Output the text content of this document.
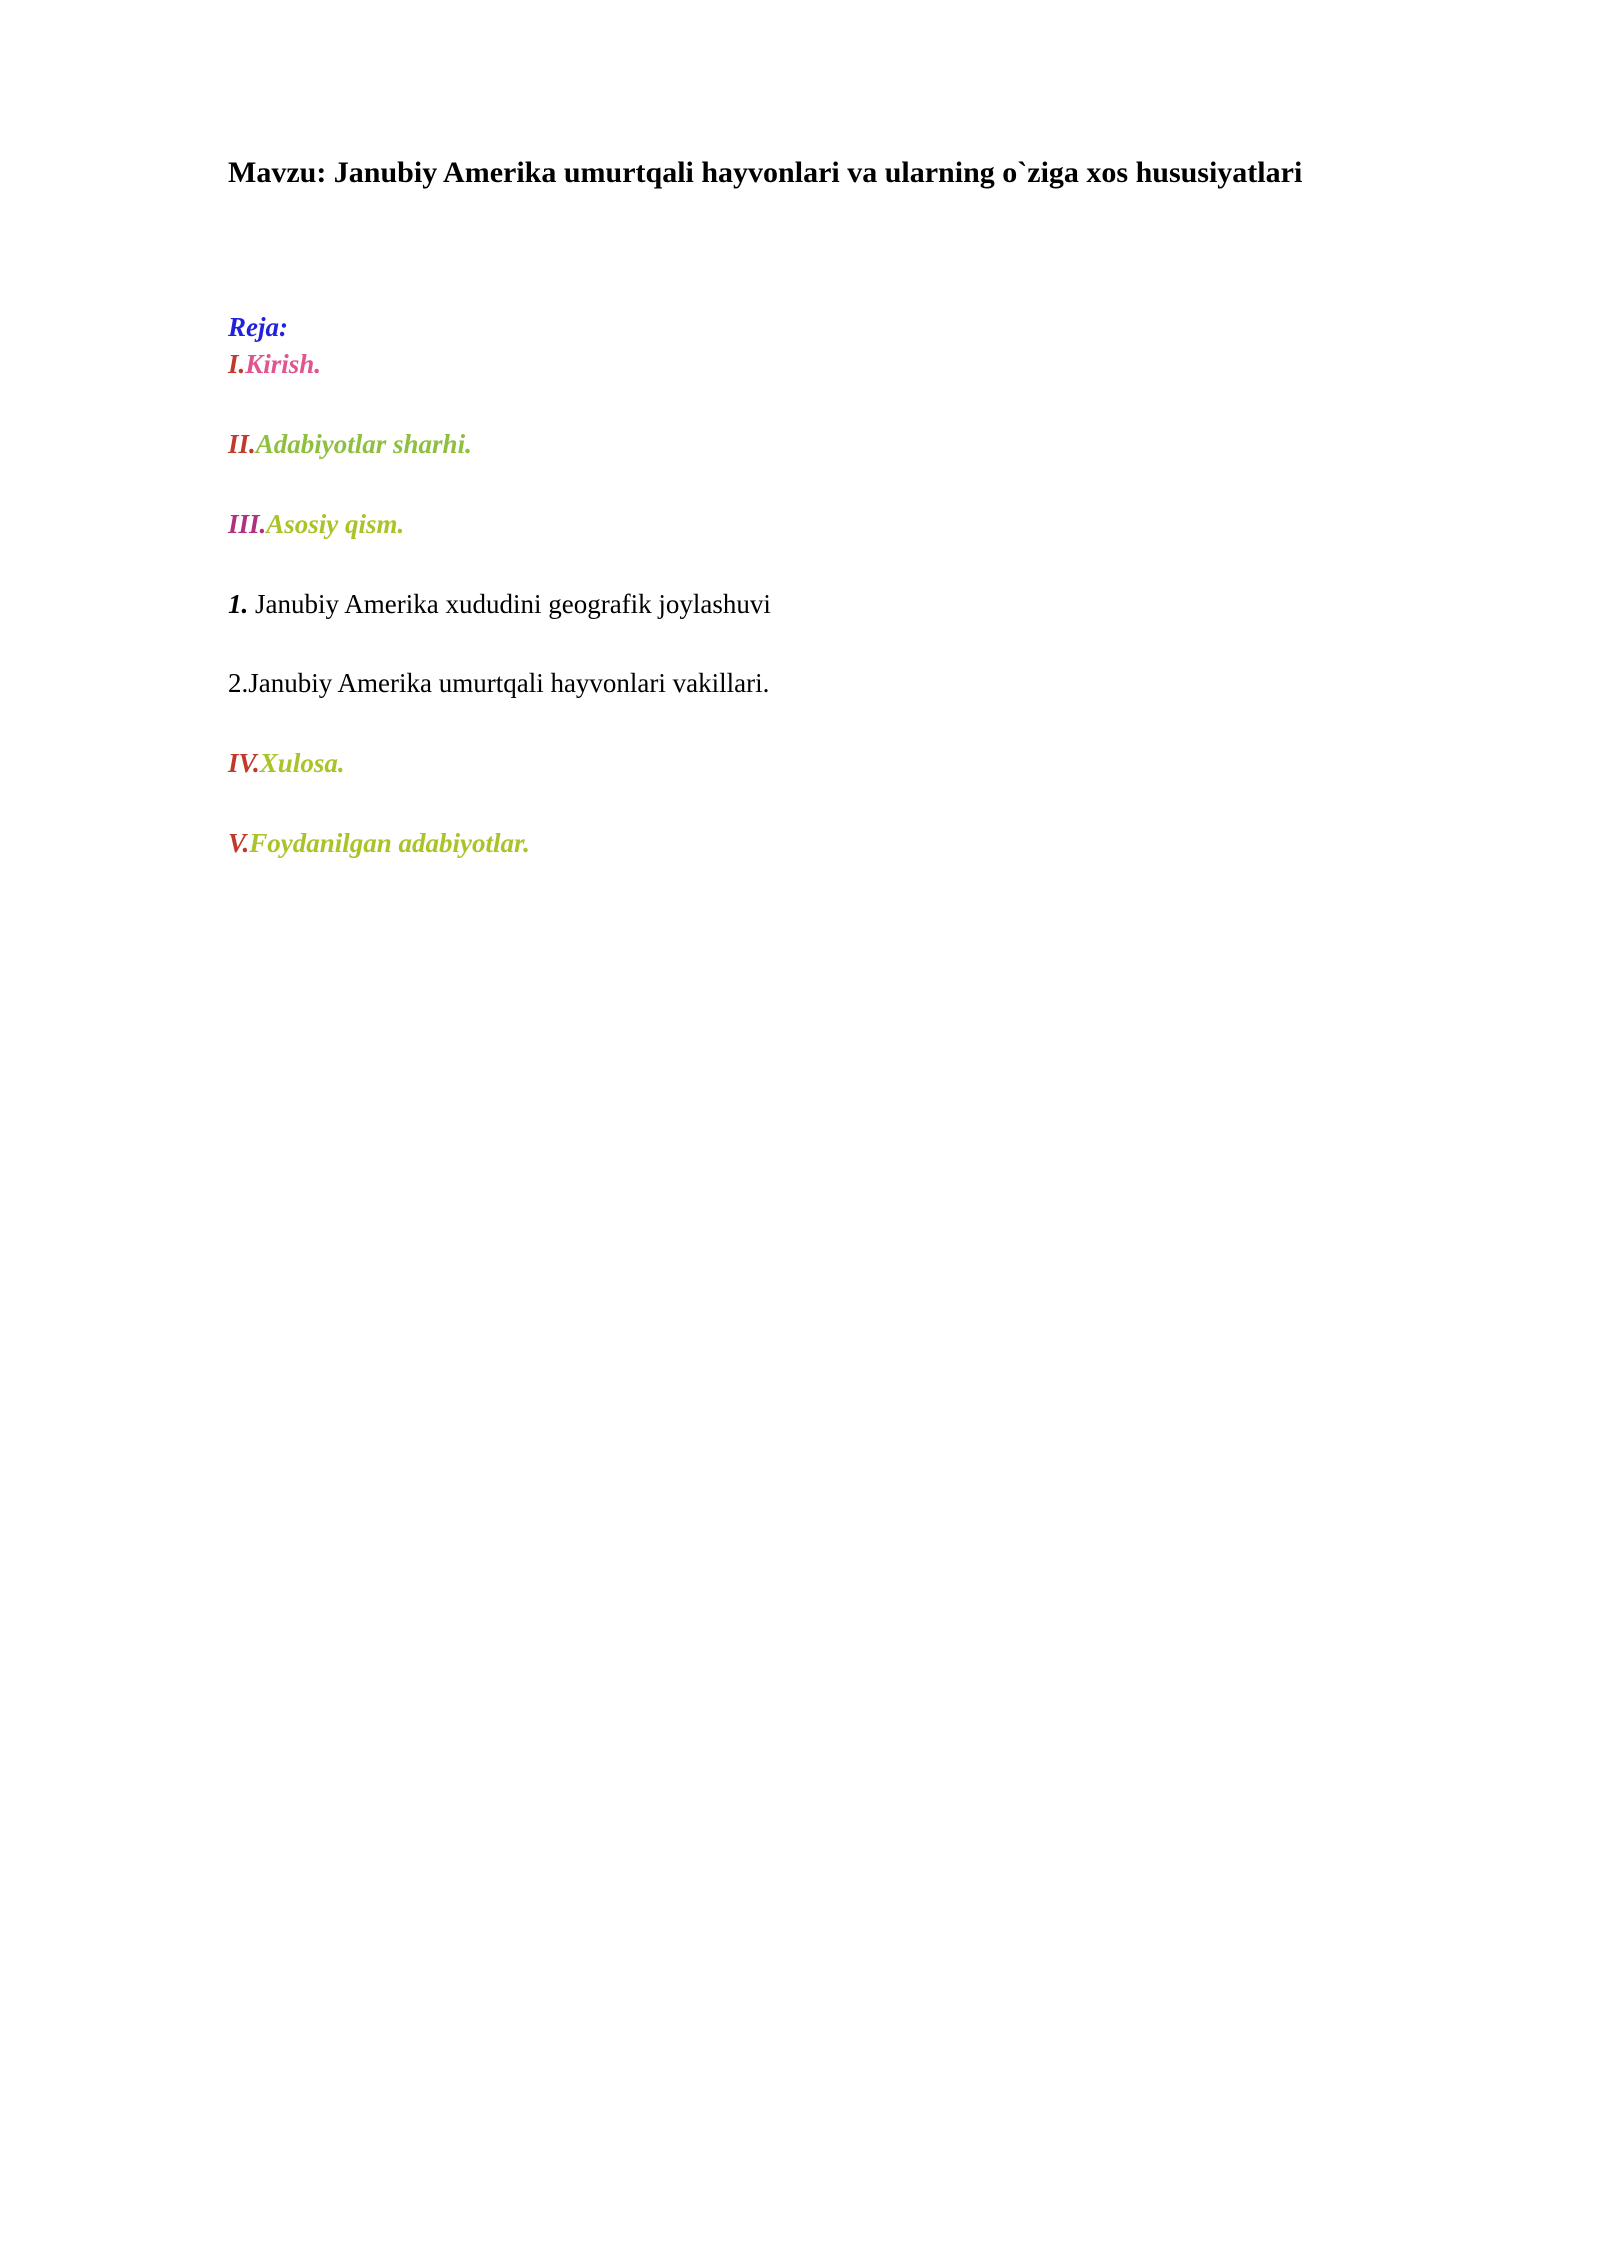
Mavzu: Janubiy Amerika umurtqali hayvonlari va ularning o`ziga xos hususiyatlari

Reja:

I.Kirish.

II.Adabiyotlar sharhi.

III.Asosiy qism.

1. Janubiy Amerika xududini geografik joylashuvi

2.Janubiy Amerika umurtqali hayvonlari vakillari.

IV.Xulosa.

V.Foydanilgan adabiyotlar.
